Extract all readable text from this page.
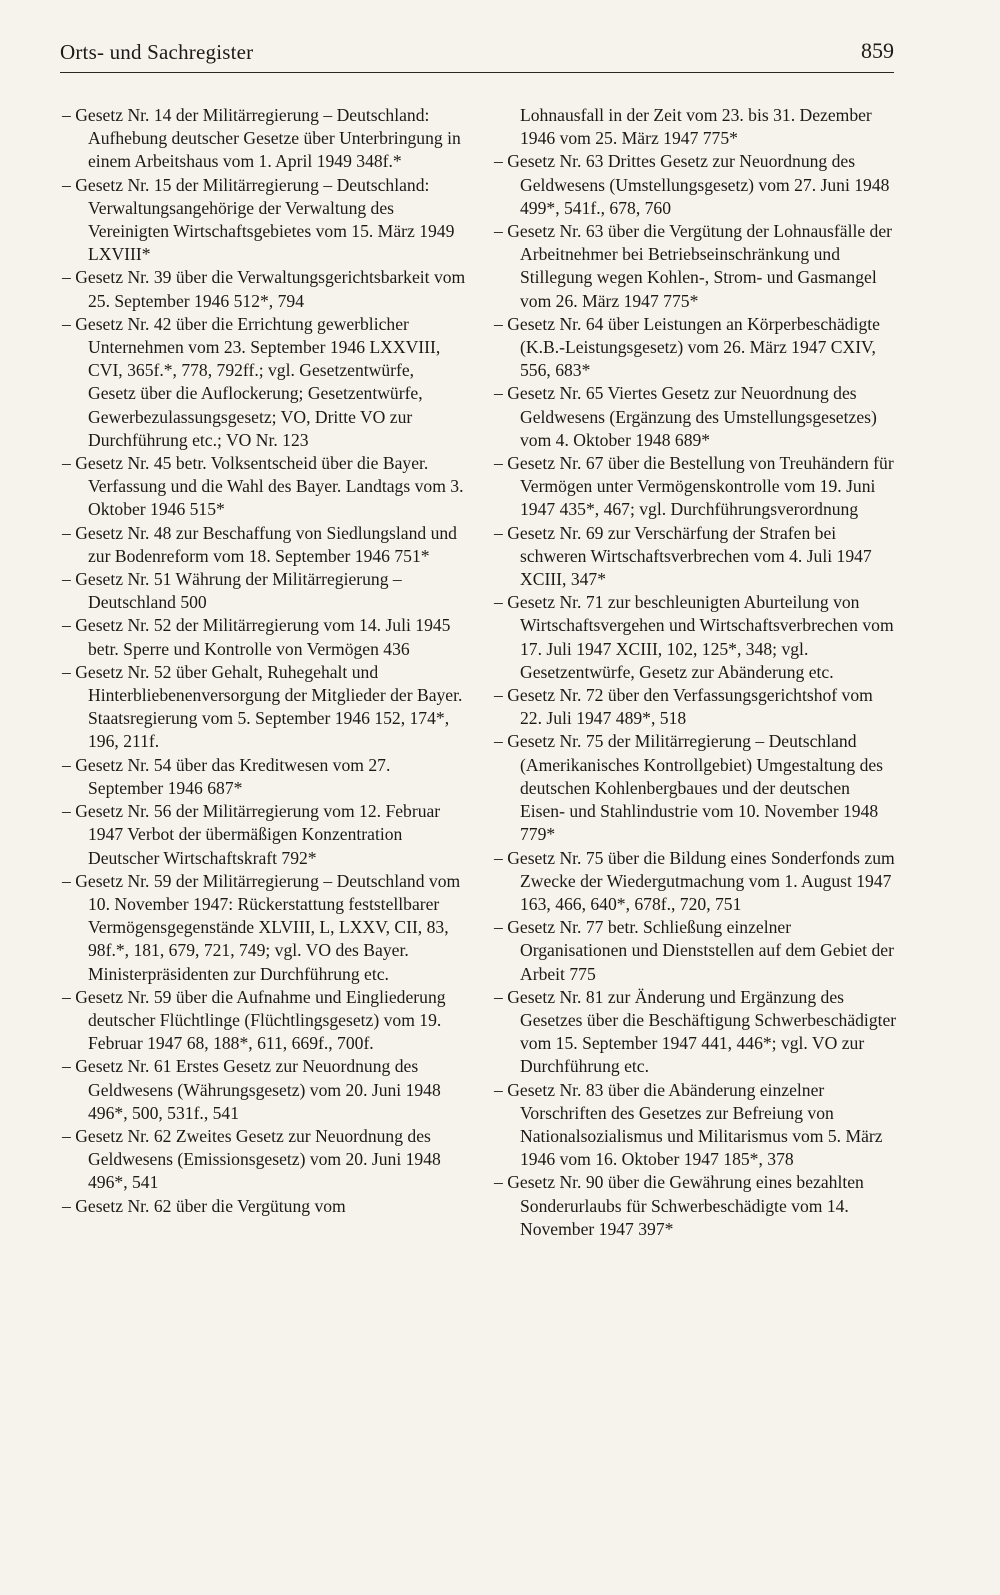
Orts- und Sachregister	859

– Gesetz Nr. 14 der Militärregierung – Deutschland: Aufhebung deutscher Gesetze über Unterbringung in einem Arbeitshaus vom 1. April 1949 348f.*

– Gesetz Nr. 15 der Militärregierung – Deutschland: Verwaltungsangehörige der Verwaltung des Vereinigten Wirtschaftsgebietes vom 15. März 1949 LXVIII*

– Gesetz Nr. 39 über die Verwaltungsgerichtsbarkeit vom 25. September 1946 512*, 794

– Gesetz Nr. 42 über die Errichtung gewerblicher Unternehmen vom 23. September 1946 LXXVIII, CVI, 365f.*, 778, 792ff.; vgl. Gesetzentwürfe, Gesetz über die Auflockerung; Gesetzentwürfe, Gewerbezulassungsgesetz; VO, Dritte VO zur Durchführung etc.; VO Nr. 123

– Gesetz Nr. 45 betr. Volksentscheid über die Bayer. Verfassung und die Wahl des Bayer. Landtags vom 3. Oktober 1946 515*

– Gesetz Nr. 48 zur Beschaffung von Siedlungsland und zur Bodenreform vom 18. September 1946 751*

– Gesetz Nr. 51 Währung der Militärregierung – Deutschland 500

– Gesetz Nr. 52 der Militärregierung vom 14. Juli 1945 betr. Sperre und Kontrolle von Vermögen 436

– Gesetz Nr. 52 über Gehalt, Ruhegehalt und Hinterbliebenenversorgung der Mitglieder der Bayer. Staatsregierung vom 5. September 1946 152, 174*, 196, 211f.

– Gesetz Nr. 54 über das Kreditwesen vom 27. September 1946 687*

– Gesetz Nr. 56 der Militärregierung vom 12. Februar 1947 Verbot der übermäßigen Konzentration Deutscher Wirtschaftskraft 792*

– Gesetz Nr. 59 der Militärregierung – Deutschland vom 10. November 1947: Rückerstattung feststellbarer Vermögensgegenstände XLVIII, L, LXXV, CII, 83, 98f.*, 181, 679, 721, 749; vgl. VO des Bayer. Ministerpräsidenten zur Durchführung etc.

– Gesetz Nr. 59 über die Aufnahme und Eingliederung deutscher Flüchtlinge (Flüchtlingsgesetz) vom 19. Februar 1947 68, 188*, 611, 669f., 700f.

– Gesetz Nr. 61 Erstes Gesetz zur Neuordnung des Geldwesens (Währungsgesetz) vom 20. Juni 1948 496*, 500, 531f., 541

– Gesetz Nr. 62 Zweites Gesetz zur Neuordnung des Geldwesens (Emissionsgesetz) vom 20. Juni 1948 496*, 541

– Gesetz Nr. 62 über die Vergütung vom

Lohnausfall in der Zeit vom 23. bis 31. Dezember 1946 vom 25. März 1947 775*

– Gesetz Nr. 63 Drittes Gesetz zur Neuordnung des Geldwesens (Umstellungsgesetz) vom 27. Juni 1948 499*, 541f., 678, 760

– Gesetz Nr. 63 über die Vergütung der Lohnausfälle der Arbeitnehmer bei Betriebseinschränkung und Stillegung wegen Kohlen-, Strom- und Gasmangel vom 26. März 1947 775*

– Gesetz Nr. 64 über Leistungen an Körperbeschädigte (K.B.-Leistungsgesetz) vom 26. März 1947 CXIV, 556, 683*

– Gesetz Nr. 65 Viertes Gesetz zur Neuordnung des Geldwesens (Ergänzung des Umstellungsgesetzes) vom 4. Oktober 1948 689*

– Gesetz Nr. 67 über die Bestellung von Treuhändern für Vermögen unter Vermögenskontrolle vom 19. Juni 1947 435*, 467; vgl. Durchführungsverordnung

– Gesetz Nr. 69 zur Verschärfung der Strafen bei schweren Wirtschaftsverbrechen vom 4. Juli 1947 XCIII, 347*

– Gesetz Nr. 71 zur beschleunigten Aburteilung von Wirtschaftsvergehen und Wirtschaftsverbrechen vom 17. Juli 1947 XCIII, 102, 125*, 348; vgl. Gesetzentwürfe, Gesetz zur Abänderung etc.

– Gesetz Nr. 72 über den Verfassungsgerichtshof vom 22. Juli 1947 489*, 518

– Gesetz Nr. 75 der Militärregierung – Deutschland (Amerikanisches Kontrollgebiet) Umgestaltung des deutschen Kohlenbergbaues und der deutschen Eisen- und Stahlindustrie vom 10. November 1948 779*

– Gesetz Nr. 75 über die Bildung eines Sonderfonds zum Zwecke der Wiedergutmachung vom 1. August 1947 163, 466, 640*, 678f., 720, 751

– Gesetz Nr. 77 betr. Schließung einzelner Organisationen und Dienststellen auf dem Gebiet der Arbeit 775

– Gesetz Nr. 81 zur Änderung und Ergänzung des Gesetzes über die Beschäftigung Schwerbeschädigter vom 15. September 1947 441, 446*; vgl. VO zur Durchführung etc.

– Gesetz Nr. 83 über die Abänderung einzelner Vorschriften des Gesetzes zur Befreiung von Nationalsozialismus und Militarismus vom 5. März 1946 vom 16. Oktober 1947 185*, 378

– Gesetz Nr. 90 über die Gewährung eines bezahlten Sonderurlaubs für Schwerbeschädigte vom 14. November 1947 397*
